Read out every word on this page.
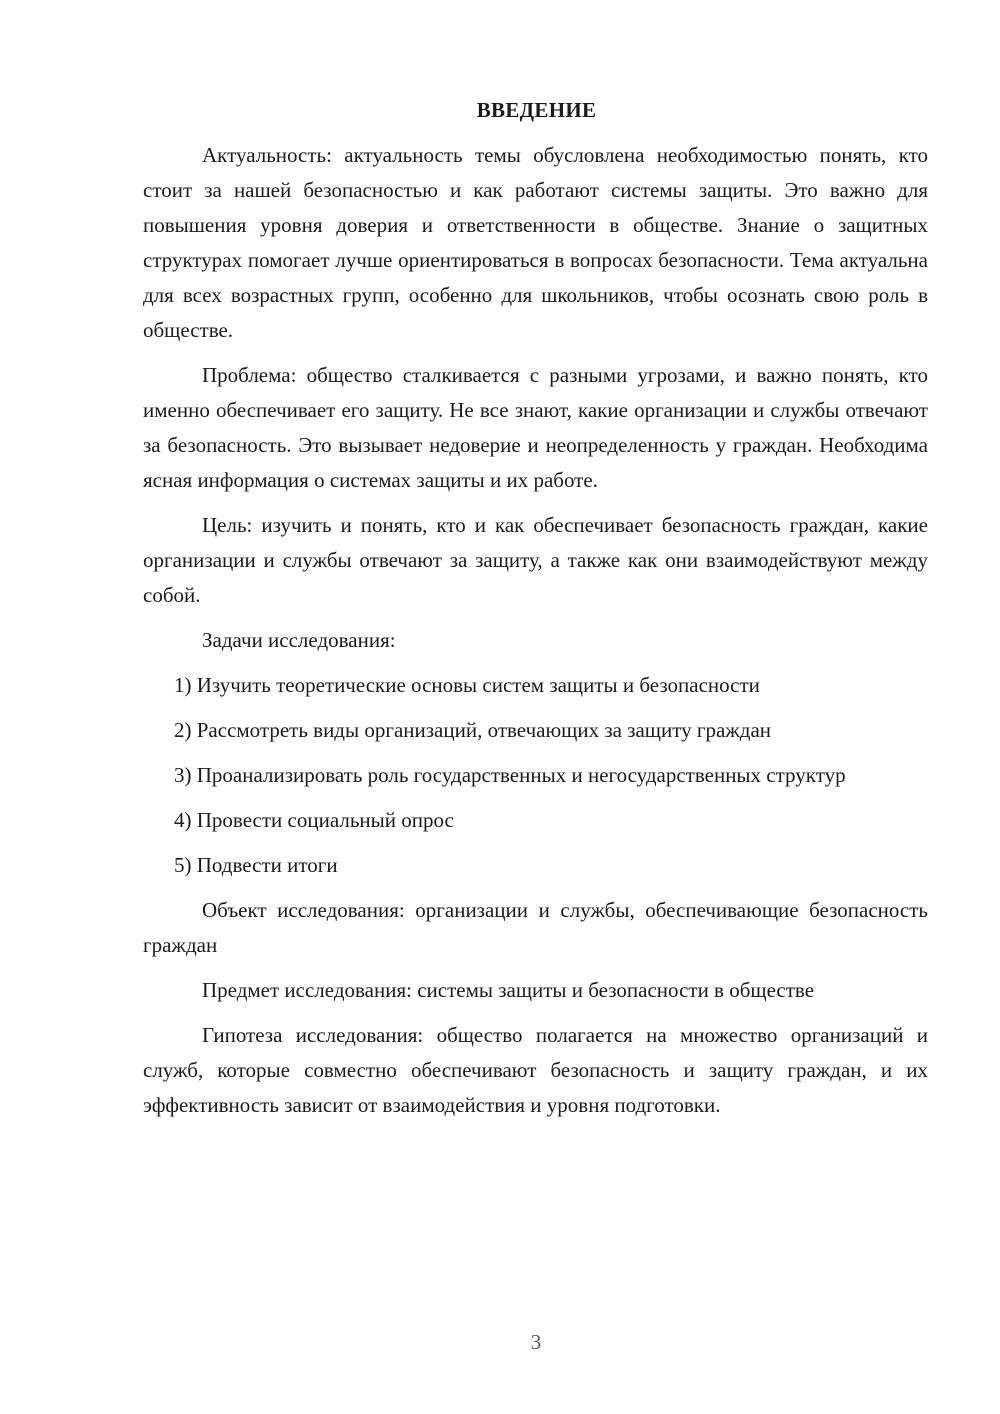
ВВЕДЕНИЕ

Актуальность: актуальность темы обусловлена необходимостью понять, кто стоит за нашей безопасностью и как работают системы защиты. Это важно для повышения уровня доверия и ответственности в обществе. Знание о защитных структурах помогает лучше ориентироваться в вопросах безопасности. Тема актуальна для всех возрастных групп, особенно для школьников, чтобы осознать свою роль в обществе.

Проблема: общество сталкивается с разными угрозами, и важно понять, кто именно обеспечивает его защиту. Не все знают, какие организации и службы отвечают за безопасность. Это вызывает недоверие и неопределенность у граждан. Необходима ясная информация о системах защиты и их работе.

Цель: изучить и понять, кто и как обеспечивает безопасность граждан, какие организации и службы отвечают за защиту, а также как они взаимодействуют между собой.

Задачи исследования:

1) Изучить теоретические основы систем защиты и безопасности

2) Рассмотреть виды организаций, отвечающих за защиту граждан

3) Проанализировать роль государственных и негосударственных структур

4) Провести социальный опрос

5) Подвести итоги

Объект исследования: организации и службы, обеспечивающие безопасность граждан

Предмет исследования: системы защиты и безопасности в обществе

Гипотеза исследования: общество полагается на множество организаций и служб, которые совместно обеспечивают безопасность и защиту граждан, и их эффективность зависит от взаимодействия и уровня подготовки.

3
